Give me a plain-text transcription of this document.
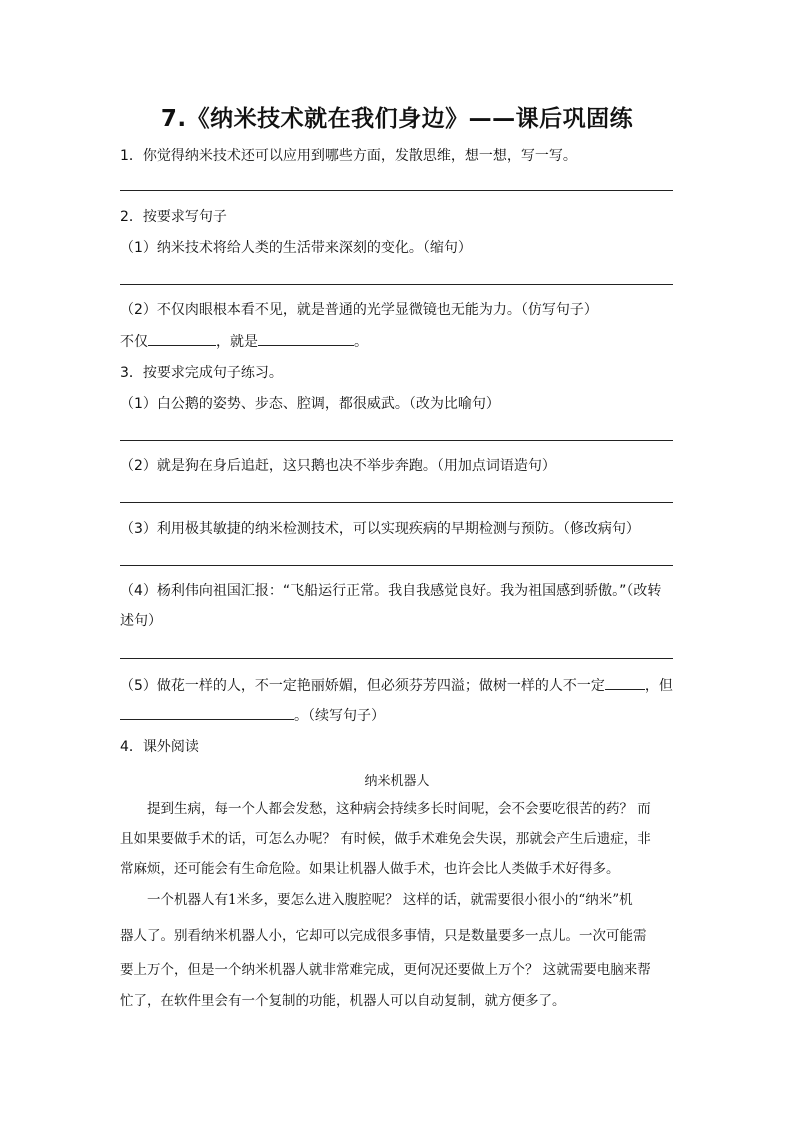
7.《纳米技术就在我们身边》——课后巩固练
1．你觉得纳米技术还可以应用到哪些方面，发散思维，想一想，写一写。
2．按要求写句子
（1）纳米技术将给人类的生活带来深刻的变化。（缩句）
（2）不仅肉眼根本看不见，就是普通的光学显微镜也无能为力。（仿写句子）
不仅	，就是	。
3．按要求完成句子练习。
（1）白公鹅的姿势、步态、腔调，都很威武。（改为比喻句）
（2）就是狗在身后追赶，这只鹅也决不举步奔跑。（用加点词语造句）
（3）利用极其敏捷的纳米检测技术，可以实现疾病的早期检测与预防。（修改病句）
（4）杨利伟向祖国汇报：“飞船运行正常。我自我感觉良好。我为祖国感到骄傲。”（改转
述句）
（5）做花一样的人，不一定艳丽娇媚，但必须芬芳四溢；做树一样的人不一定	，但
。（续写句子）
4．课外阅读
纳米机器人
提到生病，每一个人都会发愁，这种病会持续多长时间呢，会不会要吃很苦的药？ 而
且如果要做手术的话，可怎么办呢？ 有时候，做手术难免会失误，那就会产生后遗症，非
常麻烦，还可能会有生命危险。如果让机器人做手术，也许会比人类做手术好得多。
一个机器人有1米多，要怎么进入腹腔呢？ 这样的话，就需要很小很小的“纳米”机
器人了。别看纳米机器人小，它却可以完成很多事情，只是数量要多一点儿。一次可能需
要上万个，但是一个纳米机器人就非常难完成，更何况还要做上万个？ 这就需要电脑来帮
忙了，在软件里会有一个复制的功能，机器人可以自动复制，就方便多了。
